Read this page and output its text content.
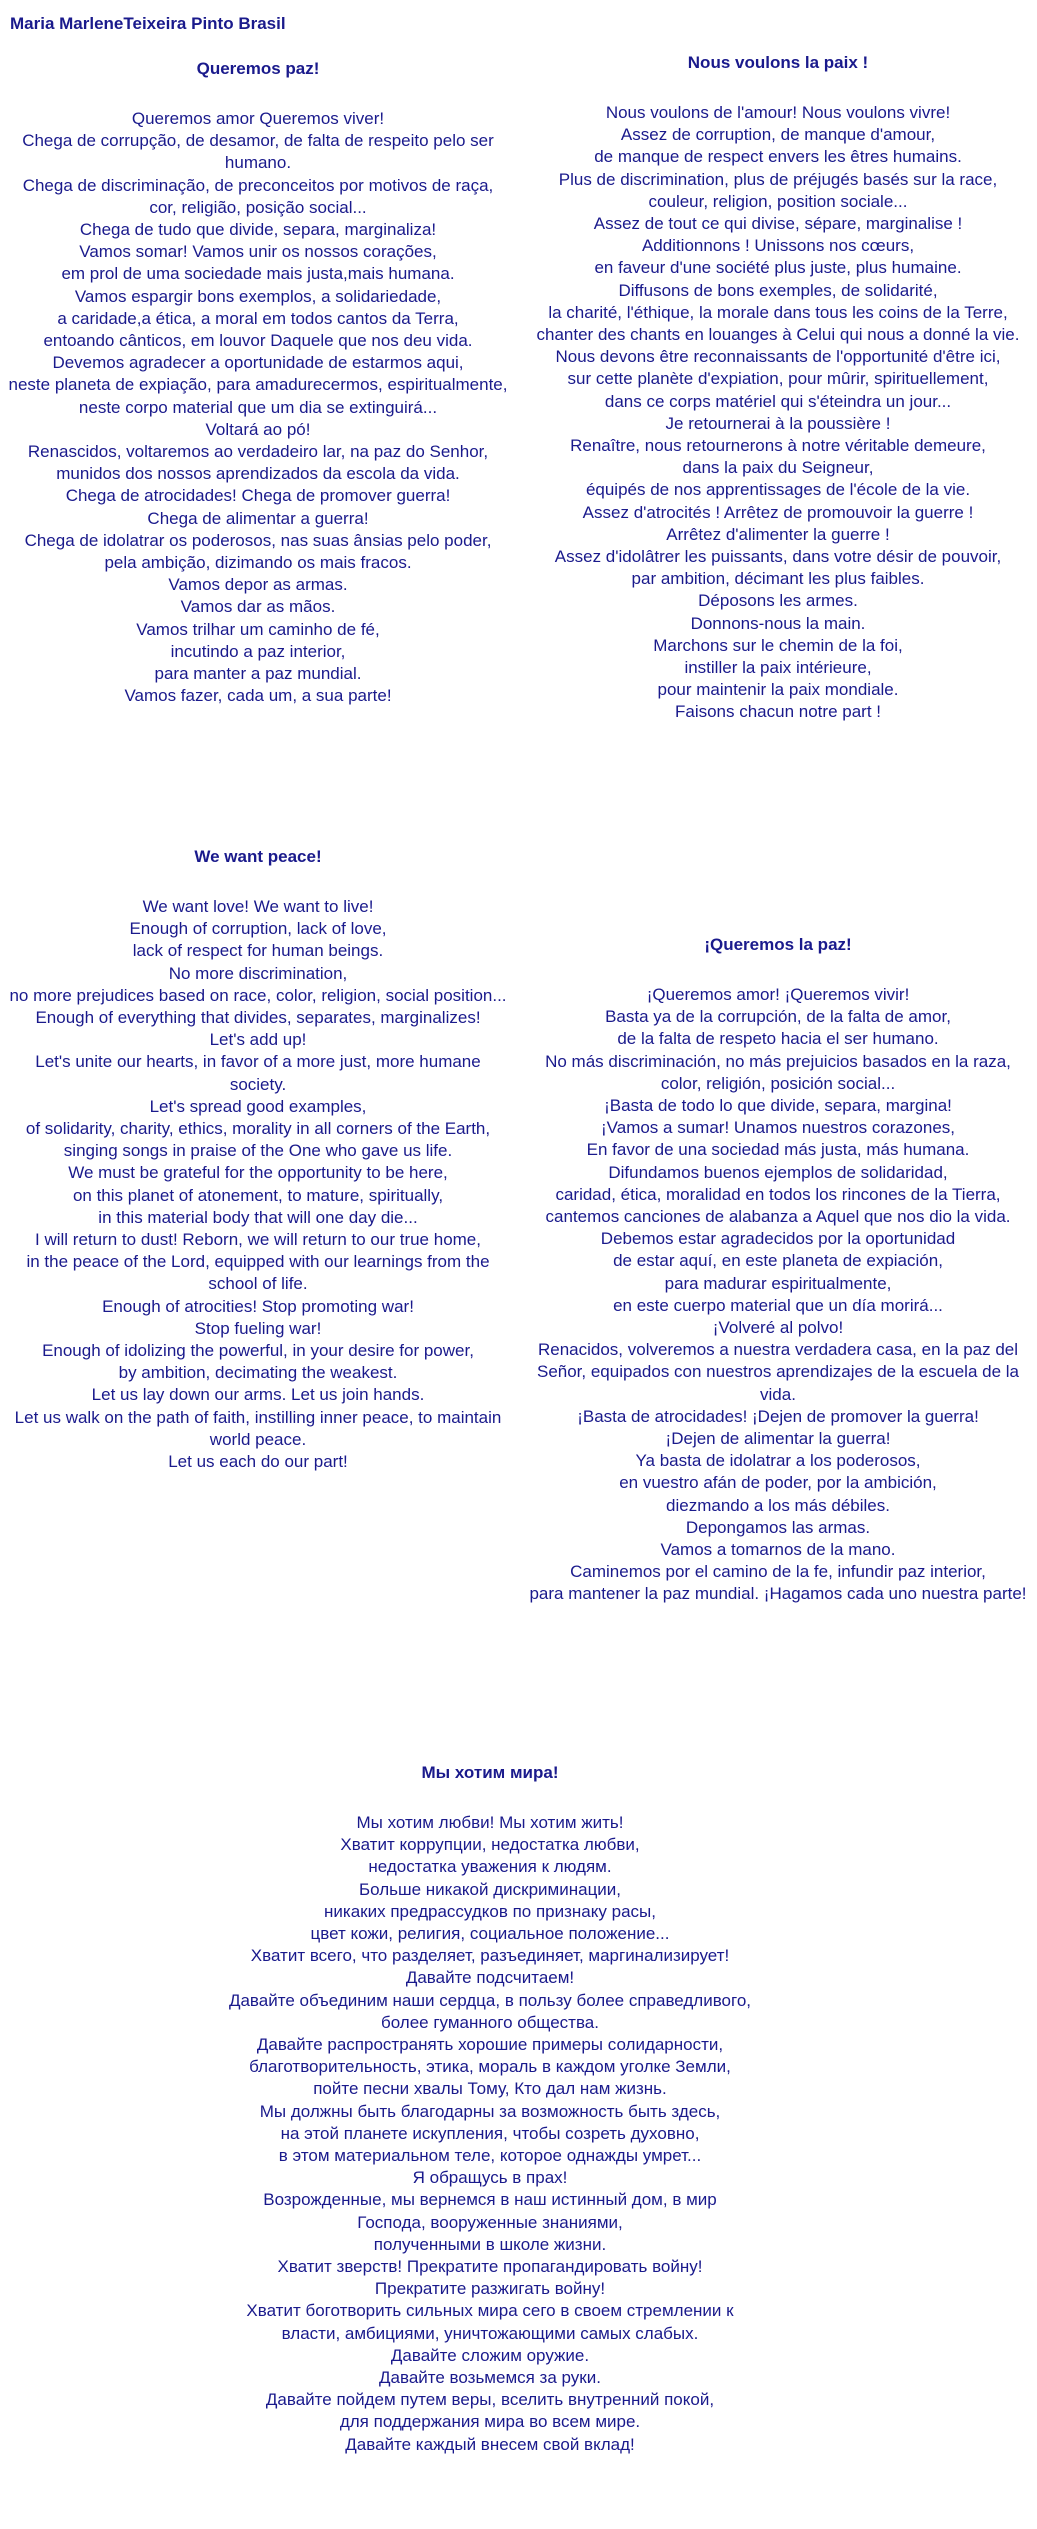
Maria MarleneTeixeira Pinto Brasil
Queremos paz!
Queremos amor Queremos viver!
Chega de corrupção, de desamor, de falta de respeito pelo ser humano.
Chega de discriminação, de preconceitos por motivos de raça,
cor, religião, posição social...
Chega de tudo que divide, separa, marginaliza!
Vamos somar! Vamos unir os nossos corações,
em prol de uma sociedade mais justa,mais humana.
Vamos espargir bons exemplos, a solidariedade,
a caridade,a ética, a moral em todos cantos da Terra,
entoando cânticos, em louvor Daquele que nos deu vida.
Devemos agradecer a oportunidade de estarmos aqui,
neste planeta de expiação, para amadurecermos, espiritualmente,
neste corpo material que um dia se extinguirá...
Voltará ao pó!
Renascidos, voltaremos ao verdadeiro lar, na paz do Senhor,
munidos dos nossos aprendizados da escola da vida.
Chega de atrocidades! Chega de promover guerra!
Chega de alimentar a guerra!
Chega de idolatrar os poderosos, nas suas ânsias pelo poder,
pela ambição, dizimando os mais fracos.
Vamos depor as armas.
Vamos dar as mãos.
Vamos trilhar um caminho de fé,
incutindo a paz interior,
para manter a paz mundial.
Vamos fazer, cada um, a sua parte!
Nous voulons la paix !
Nous voulons de l'amour! Nous voulons vivre!
Assez de corruption, de manque d'amour,
de manque de respect envers les êtres humains.
Plus de discrimination, plus de préjugés basés sur la race,
couleur, religion, position sociale...
Assez de tout ce qui divise, sépare, marginalise !
Additionnons ! Unissons nos cœurs,
en faveur d'une société plus juste, plus humaine.
Diffusons de bons exemples, de solidarité,
la charité, l'éthique, la morale dans tous les coins de la Terre,
chanter des chants en louanges à Celui qui nous a donné la vie.
Nous devons être reconnaissants de l'opportunité d'être ici,
sur cette planète d'expiation, pour mûrir, spirituellement,
dans ce corps matériel qui s'éteindra un jour...
Je retournerai à la poussière !
Renaître, nous retournerons à notre véritable demeure,
dans la paix du Seigneur,
équipés de nos apprentissages de l'école de la vie.
Assez d'atrocités ! Arrêtez de promouvoir la guerre !
Arrêtez d'alimenter la guerre !
Assez d'idolâtrer les puissants, dans votre désir de pouvoir,
par ambition, décimant les plus faibles.
Déposons les armes.
Donnons-nous la main.
Marchons sur le chemin de la foi,
instiller la paix intérieure,
pour maintenir la paix mondiale.
Faisons chacun notre part !
We want peace!
We want love! We want to live!
Enough of corruption, lack of love,
lack of respect for human beings.
No more discrimination,
no more prejudices based on race, color, religion, social position...
Enough of everything that divides, separates, marginalizes!
Let's add up!
Let's unite our hearts, in favor of a more just, more humane society.
Let's spread good examples,
of solidarity, charity, ethics, morality in all corners of the Earth,
singing songs in praise of the One who gave us life.
We must be grateful for the opportunity to be here,
on this planet of atonement, to mature, spiritually,
in this material body that will one day die...
I will return to dust! Reborn, we will return to our true home,
in the peace of the Lord, equipped with our learnings from the school of life.
Enough of atrocities! Stop promoting war!
Stop fueling war!
Enough of idolizing the powerful, in your desire for power,
by ambition, decimating the weakest.
Let us lay down our arms. Let us join hands.
Let us walk on the path of faith, instilling inner peace, to maintain world peace.
Let us each do our part!
¡Queremos la paz!
¡Queremos amor! ¡Queremos vivir!
Basta ya de la corrupción, de la falta de amor,
de la falta de respeto hacia el ser humano.
No más discriminación, no más prejuicios basados en la raza,
color, religión, posición social...
¡Basta de todo lo que divide, separa, margina!
¡Vamos a sumar! Unamos nuestros corazones,
En favor de una sociedad más justa, más humana.
Difundamos buenos ejemplos de solidaridad,
caridad, ética, moralidad en todos los rincones de la Tierra,
cantemos canciones de alabanza a Aquel que nos dio la vida.
Debemos estar agradecidos por la oportunidad
de estar aquí, en este planeta de expiación,
para madurar espiritualmente,
en este cuerpo material que un día morirá...
¡Volveré al polvo!
Renacidos, volveremos a nuestra verdadera casa, en la paz del Señor, equipados con nuestros aprendizajes de la escuela de la vida.
¡Basta de atrocidades! ¡Dejen de promover la guerra!
¡Dejen de alimentar la guerra!
Ya basta de idolatrar a los poderosos,
en vuestro afán de poder, por la ambición,
diezmando a los más débiles.
Depongamos las armas.
Vamos a tomarnos de la mano.
Caminemos por el camino de la fe, infundir paz interior,
para mantener la paz mundial. ¡Hagamos cada uno nuestra parte!
Мы хотим мира!
Мы хотим любви! Мы хотим жить!
Хватит коррупции, недостатка любви,
недостатка уважения к людям.
Больше никакой дискриминации,
никаких предрассудков по признаку расы,
цвет кожи, религия, социальное положение...
Хватит всего, что разделяет, разъединяет, маргинализирует!
Давайте подсчитаем!
Давайте объединим наши сердца, в пользу более справедливого,
более гуманного общества.
Давайте распространять хорошие примеры солидарности,
благотворительность, этика, мораль в каждом уголке Земли,
пойте песни хвалы Тому, Кто дал нам жизнь.
Мы должны быть благодарны за возможность быть здесь,
на этой планете искупления, чтобы созреть духовно,
в этом материальном теле, которое однажды умрет...
Я обращусь в прах!
Возрожденные, мы вернемся в наш истинный дом, в мир
Господа, вооруженные знаниями,
полученными в школе жизни.
Хватит зверств! Прекратите пропагандировать войну!
Прекратите разжигать войну!
Хватит боготворить сильных мира сего в своем стремлении к
власти, амбициями, уничтожающими самых слабых.
Давайте сложим оружие.
Давайте возьмемся за руки.
Давайте пойдем путем веры, вселить внутренний покой,
для поддержания мира во всем мире.
Давайте каждый внесем свой вклад!
